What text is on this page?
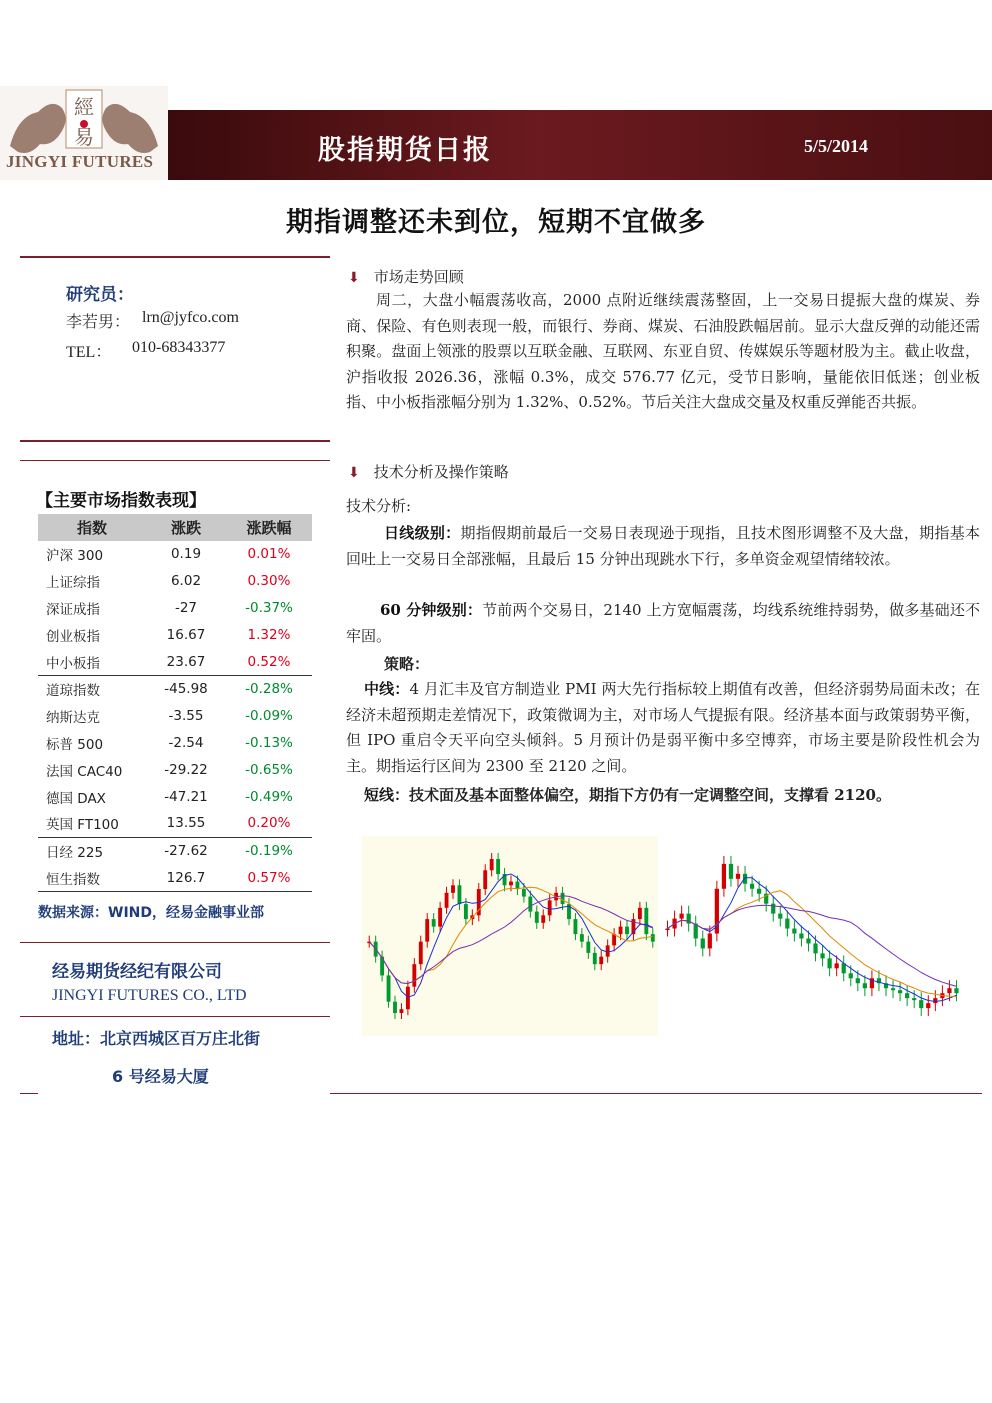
經
易
JINGYI FUTURES	股指期货日报	5/5/2014
期指调整还未到位，短期不宜做多
研究员：
李若男： lrn@jyfco.com
TEL： 010-68343377
【主要市场指数表现】
指数	涨跌	涨跌幅
沪深 300	0.19	0.01%
上证综指	6.02	0.30%
深证成指	-27	-0.37%
创业板指	16.67	1.32%
中小板指	23.67	0.52%
道琼指数	-45.98	-0.28%
纳斯达克	-3.55	-0.09%
标普 500	-2.54	-0.13%
法国 CAC40	-29.22	-0.65%
德国 DAX	-47.21	-0.49%
英国 FT100	13.55	0.20%
日经 225	-27.62	-0.19%
恒生指数	126.7	0.57%
数据来源：WIND，经易金融事业部
经易期货经纪有限公司
JINGYI FUTURES CO., LTD
地址：北京西城区百万庄北街
6 号经易大厦
⬇ 市场走势回顾
周二，大盘小幅震荡收高，2000 点附近继续震荡整固，上一交易日提振大盘的煤炭、券商、保险、有色则表现一般，而银行、券商、煤炭、石油股跌幅居前。显示大盘反弹的动能还需积聚。盘面上领涨的股票以互联金融、互联网、东亚自贸、传媒娱乐等题材股为主。截止收盘，沪指收报 2026.36，涨幅 0.3%，成交 576.77 亿元，受节日影响，量能依旧低迷；创业板指、中小板指涨幅分别为 1.32%、0.52%。节后关注大盘成交量及权重反弹能否共振。
⬇ 技术分析及操作策略
技术分析:
日线级别：期指假期前最后一交易日表现逊于现指，且技术图形调整不及大盘，期指基本回吐上一交易日全部涨幅，且最后 15 分钟出现跳水下行，多单资金观望情绪较浓。
60 分钟级别：节前两个交易日，2140 上方宽幅震荡，均线系统维持弱势，做多基础还不牢固。
策略：
中线：4 月汇丰及官方制造业 PMI 两大先行指标较上期值有改善，但经济弱势局面未改；在经济未超预期走差情况下，政策微调为主，对市场人气提振有限。经济基本面与政策弱势平衡，但 IPO 重启令天平向空头倾斜。5 月预计仍是弱平衡中多空博弈，市场主要是阶段性机会为主。期指运行区间为 2300 至 2120 之间。
短线：技术面及基本面整体偏空，期指下方仍有一定调整空间，支撑看 2120。
